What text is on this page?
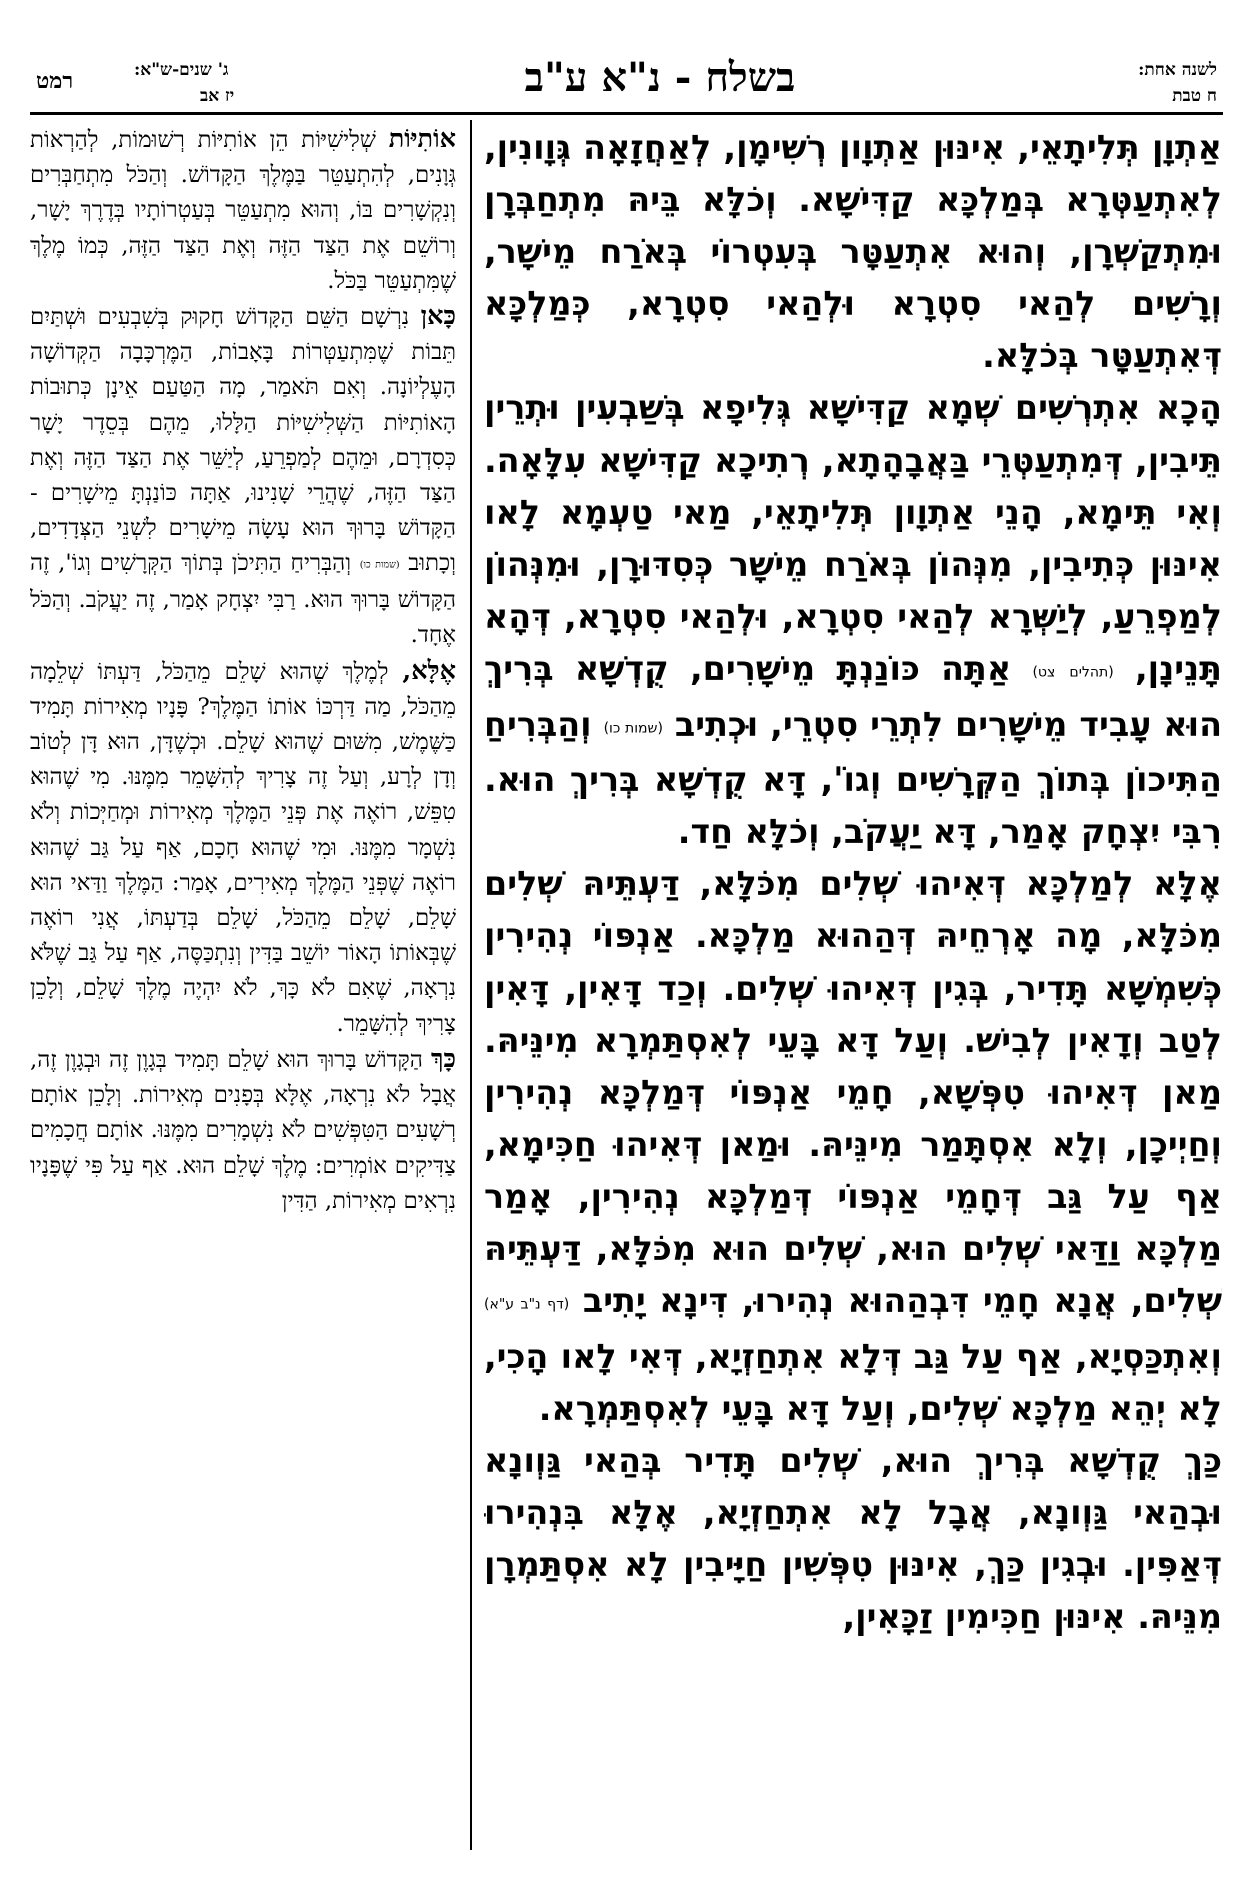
רמט	ג' שנים-ש"א:
יז אב	בשלח - נ"א ע"ב	לשנה אחת:
ח טבת

אַתְוָן תְּלִיתָאֵי, אִינּוּן אַתְוָון רְשִׁימָן, לְאַחֲזָאָה גְּוָונִין, לְאִתְעַטְּרָא בְּמַלְכָּא קַדִּישָׁא. וְכֹלָּא בֵּיהּ מִתְחַבְּרָן וּמִתְקַשְׁרָן, וְהוּא אִתְעַטָּר בְּעִטְרוֹי בְּאֹרַח מֵישָׁר, וְרָשִׁים לְהַאי סִטְרָא וּלְהַאי סִטְרָא, כְּמַלְכָּא דְּאִתְעַטָּר בְּכֹלָּא.

הָכָא אִתְרְשִׁים שְׁמָא קַדִּישָׁא גְּלִיפָא בְּשַׁבְעִין וּתְרֵין תֵּיבִין, דְּמִתְעַטְּרֵי בַּאֲבָהָתָא, רְתִיכָא קַדִּישָׁא עִלָּאָה. וְאִי תֵּימָא, הָנֵי אַתְוָון תְּלִיתָאֵי, מַאי טַעְמָא לָאו אִינּוּן כְּתִיבִין, מִנְּהוֹן בְּאֹרַח מֵישָׁר כְּסִדּוּרָן, וּמִנְּהוֹן לְמַפְרֵעַ, לְיַשְּׁרָא לְהַאי סִטְרָא, וּלְהַאי סִטְרָא, דְּהָא תָּנֵינָן, (תהלים צט) אַתָּה כּוֹנַנְתָּ מֵישָׁרִים, קֻדְשָׁא בְּרִיךְ הוּא עָבִיד מֵישָׁרִים לִתְרֵי סִטְרֵי, וּכְתִיב (שמות כו) וְהַבְּרִיחַ הַתִּיכוֹן בְּתוֹךְ הַקְּרָשִׁים וְגוֹ', דָּא קֻדְשָׁא בְּרִיךְ הוּא. רִבִּי יִצְחָק אָמַר, דָּא יַעֲקֹב, וְכֹלָּא חַד.

אֶלָּא לְמַלְכָּא דְּאִיהוּ שְׁלִים מִכֹּלָּא, דַּעְתֵּיהּ שְׁלִים מִכֹּלָּא, מָה אָרְחֵיהּ דְּהַהוּא מַלְכָּא. אַנְפּוֹי נְהִירִין כְּשִׁמְשָׁא תָּדִיר, בְּגִין דְּאִיהוּ שְׁלִים. וְכַד דָּאִין, דָּאִין לְטַב וְדָאִין לְבִישׁ. וְעַל דָּא בָּעֵי לְאִסְתַּמְרָא מִינֵּיהּ. מַאן דְּאִיהוּ טִפְּשָׁא, חָמֵי אַנְפּוֹי דְּמַלְכָּא נְהִירִין וְחַיְיכָן, וְלָא אִסְתָּמַר מִינֵּיהּ. וּמַאן דְּאִיהוּ חַכִּימָא, אַף עַל גַּב דְּחָמֵי אַנְפּוֹי דְּמַלְכָּא נְהִירִין, אָמַר מַלְכָּא וַדַּאי שְׁלִים הוּא, שְׁלִים הוּא מִכֹּלָּא, דַּעְתֵּיהּ שְׁלִים, אֲנָא חָמֵי דִּבְהַהוּא נְהִירוּ, דִּינָא יָתִיב (דף נ"ב ע"א) וְאִתְכַּסְיָא, אַף עַל גַּב דְּלָא אִתְחַזְיָא, דְּאִי לָאו הָכִי, לָא יְהֵא מַלְכָּא שְׁלִים, וְעַל דָּא בָּעֵי לְאִסְתַּמְרָא.

כַּךְ קֻדְשָׁא בְּרִיךְ הוּא, שְׁלִים תָּדִיר בְּהַאי גַּוְונָא וּבְהַאי גַּוְונָא, אֲבָל לָא אִתְחַזְיָא, אֶלָּא בִּנְהִירוּ דְּאַפִּין. וּבְגִין כַּךְ, אִינּוּן טִפְּשִׁין חַיָּיבִין לָא אִסְתַּמְרָן מִנֵּיהּ. אִינּוּן חַכִּימִין זַכָּאִין,

אוֹתִיּוֹת שְׁלִישִׁיּוֹת הֵן אוֹתִיּוֹת רְשׁוּמוֹת, לְהַרְאוֹת גְּוָנִים, לְהִתְעַטֵּר בַּמֶּלֶךְ הַקָּדוֹשׁ. וְהַכֹּל מִתְחַבְּרִים וְנִקְשָׁרִים בּוֹ, וְהוּא מִתְעַטֵּר בְּעַטְרוֹתָיו בְּדֶרֶךְ יָשָׁר, וְרוֹשֵׁם אֶת הַצַּד הַזֶּה וְאֶת הַצַּד הַזֶּה, כְּמוֹ מֶלֶךְ שֶׁמִּתְעַטֵּר בַּכֹּל.

כָּאן נִרְשָׁם הַשֵּׁם הַקָּדוֹשׁ חָקוּק בְּשִׁבְעִים וּשְׁתַּיִם תֵּבוֹת שֶׁמִּתְעַטְּרוֹת בָּאָבוֹת, הַמֶּרְכָּבָה הַקְּדוֹשָׁה הָעֶלְיוֹנָה. וְאִם תֹּאמַר, מָה הַטַּעַם אֵינָן כְּתוּבוֹת הָאוֹתִיּוֹת הַשְּׁלִישִׁיּוֹת הַלָּלוּ, מֵהֶם בְּסֵדֶר יָשָׁר כְּסִדְרָם, וּמֵהֶם לְמַפְרֵעַ, לְיַשֵּׁר אֶת הַצַּד הַזֶּה וְאֶת הַצַּד הַזֶּה, שֶׁהֲרֵי שָׁנִינוּ, אַתָּה כּוֹנַנְתָּ מֵישָׁרִים - הַקָּדוֹשׁ בָּרוּךְ הוּא עָשָׂה מֵישָׁרִים לִשְׁנֵי הַצְּדָדִים, וְכָתוּב (שמות כו) וְהַבְּרִיחַ הַתִּיכֹן בְּתוֹךְ הַקְּרָשִׁים וְגוֹ', זֶה הַקָּדוֹשׁ בָּרוּךְ הוּא. רַבִּי יִצְחָק אָמַר, זֶה יַעֲקֹב. וְהַכֹּל אֶחָד.

אֶלָּא, לְמֶלֶךְ שֶׁהוּא שָׁלֵם מֵהַכֹּל, דַּעְתּוֹ שְׁלֵמָה מֵהַכֹּל, מַה דַּרְכּוֹ אוֹתוֹ הַמֶּלֶךְ? פָּנָיו מְאִירוֹת תָּמִיד כַּשֶּׁמֶשׁ, מִשּׁוּם שֶׁהוּא שָׁלֵם. וּכְשֶׁדָּן, הוּא דָּן לְטוֹב וְדָן לְרָע, וְעַל זֶה צָרִיךְ לְהִשָּׁמֵר מִמֶּנּוּ. מִי שֶׁהוּא טִפֵּשׁ, רוֹאֶה אֶת פְּנֵי הַמֶּלֶךְ מְאִירוֹת וּמְחַיְּכוֹת וְלֹא נִשְׁמָר מִמֶּנּוּ. וּמִי שֶׁהוּא חָכָם, אַף עַל גַּב שֶׁהוּא רוֹאֶה שֶׁפְּנֵי הַמֶּלֶךְ מְאִירִים, אָמַר: הַמֶּלֶךְ וַדַּאי הוּא שָׁלֵם, שָׁלֵם מֵהַכֹּל, שָׁלֵם בְּדַעְתּוֹ, אֲנִי רוֹאֶה שֶׁבְּאוֹתוֹ הָאוֹר יוֹשֵׁב בַּדִּין וְנִתְכַּסֶּה, אַף עַל גַּב שֶׁלֹּא נִרְאָה, שֶׁאִם לֹא כָּךְ, לֹא יִהְיֶה מֶלֶךְ שָׁלֵם, וְלָכֵן צָרִיךְ לְהִשָּׁמֵר.

כָּךְ הַקָּדוֹשׁ בָּרוּךְ הוּא שָׁלֵם תָּמִיד בְּגָוֶן זֶה וּבְגָוֶן זֶה, אֲבָל לֹא נִרְאָה, אֶלָּא בְּפָנִים מְאִירוֹת. וְלָכֵן אוֹתָם רְשָׁעִים הַטִּפְּשִׁים לֹא נִשְׁמָרִים מִמֶּנּוּ. אוֹתָם חֲכָמִים צַדִּיקִים אוֹמְרִים: מֶלֶךְ שָׁלֵם הוּא. אַף עַל פִּי שֶׁפָּנָיו נִרְאִים מְאִירוֹת, הַדִּין
